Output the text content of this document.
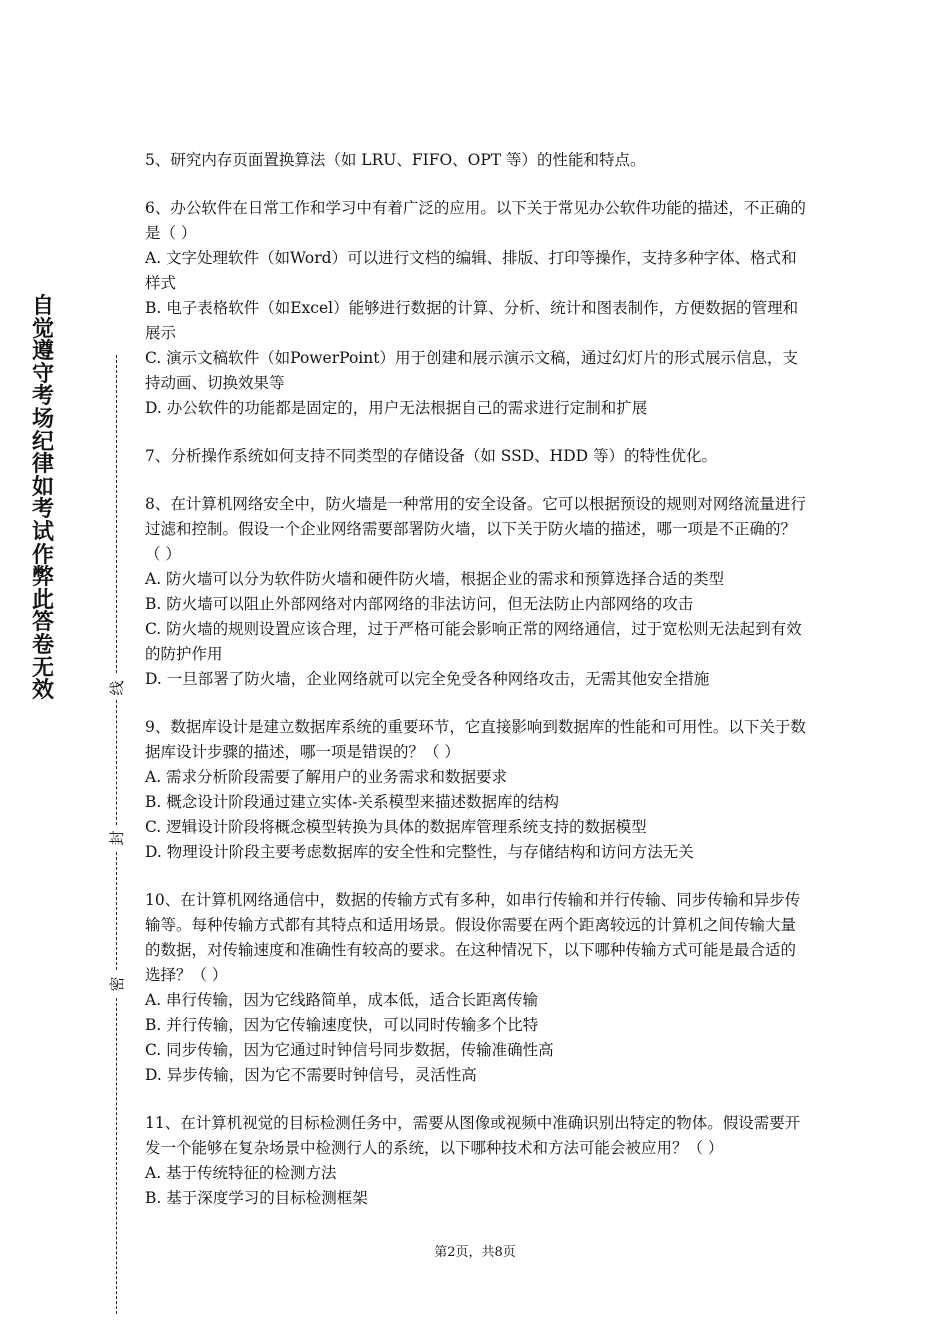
自觉遵守考场纪律如考试作弊此答卷无效	线
封
密

5、研究内存页面置换算法（如 LRU、FIFO、OPT 等）的性能和特点。

6、办公软件在日常工作和学习中有着广泛的应用。以下关于常见办公软件功能的描述，不正确的是（ ）

A. 文字处理软件（如Word）可以进行文档的编辑、排版、打印等操作，支持多种字体、格式和样式

B. 电子表格软件（如Excel）能够进行数据的计算、分析、统计和图表制作，方便数据的管理和展示

C. 演示文稿软件（如PowerPoint）用于创建和展示演示文稿，通过幻灯片的形式展示信息，支持动画、切换效果等

D. 办公软件的功能都是固定的，用户无法根据自己的需求进行定制和扩展

7、分析操作系统如何支持不同类型的存储设备（如 SSD、HDD 等）的特性优化。

8、在计算机网络安全中，防火墙是一种常用的安全设备。它可以根据预设的规则对网络流量进行过滤和控制。假设一个企业网络需要部署防火墙，以下关于防火墙的描述，哪一项是不正确的？（ ）

A. 防火墙可以分为软件防火墙和硬件防火墙，根据企业的需求和预算选择合适的类型

B. 防火墙可以阻止外部网络对内部网络的非法访问，但无法防止内部网络的攻击

C. 防火墙的规则设置应该合理，过于严格可能会影响正常的网络通信，过于宽松则无法起到有效的防护作用

D. 一旦部署了防火墙，企业网络就可以完全免受各种网络攻击，无需其他安全措施

9、数据库设计是建立数据库系统的重要环节，它直接影响到数据库的性能和可用性。以下关于数据库设计步骤的描述，哪一项是错误的？（ ）

A. 需求分析阶段需要了解用户的业务需求和数据要求

B. 概念设计阶段通过建立实体-关系模型来描述数据库的结构

C. 逻辑设计阶段将概念模型转换为具体的数据库管理系统支持的数据模型

D. 物理设计阶段主要考虑数据库的安全性和完整性，与存储结构和访问方法无关

10、在计算机网络通信中，数据的传输方式有多种，如串行传输和并行传输、同步传输和异步传输等。每种传输方式都有其特点和适用场景。假设你需要在两个距离较远的计算机之间传输大量的数据，对传输速度和准确性有较高的要求。在这种情况下，以下哪种传输方式可能是最合适的选择？（ ）

A. 串行传输，因为它线路简单，成本低，适合长距离传输

B. 并行传输，因为它传输速度快，可以同时传输多个比特

C. 同步传输，因为它通过时钟信号同步数据，传输准确性高

D. 异步传输，因为它不需要时钟信号，灵活性高

11、在计算机视觉的目标检测任务中，需要从图像或视频中准确识别出特定的物体。假设需要开发一个能够在复杂场景中检测行人的系统，以下哪种技术和方法可能会被应用？（ ）

A. 基于传统特征的检测方法

B. 基于深度学习的目标检测框架

第2页，共8页
